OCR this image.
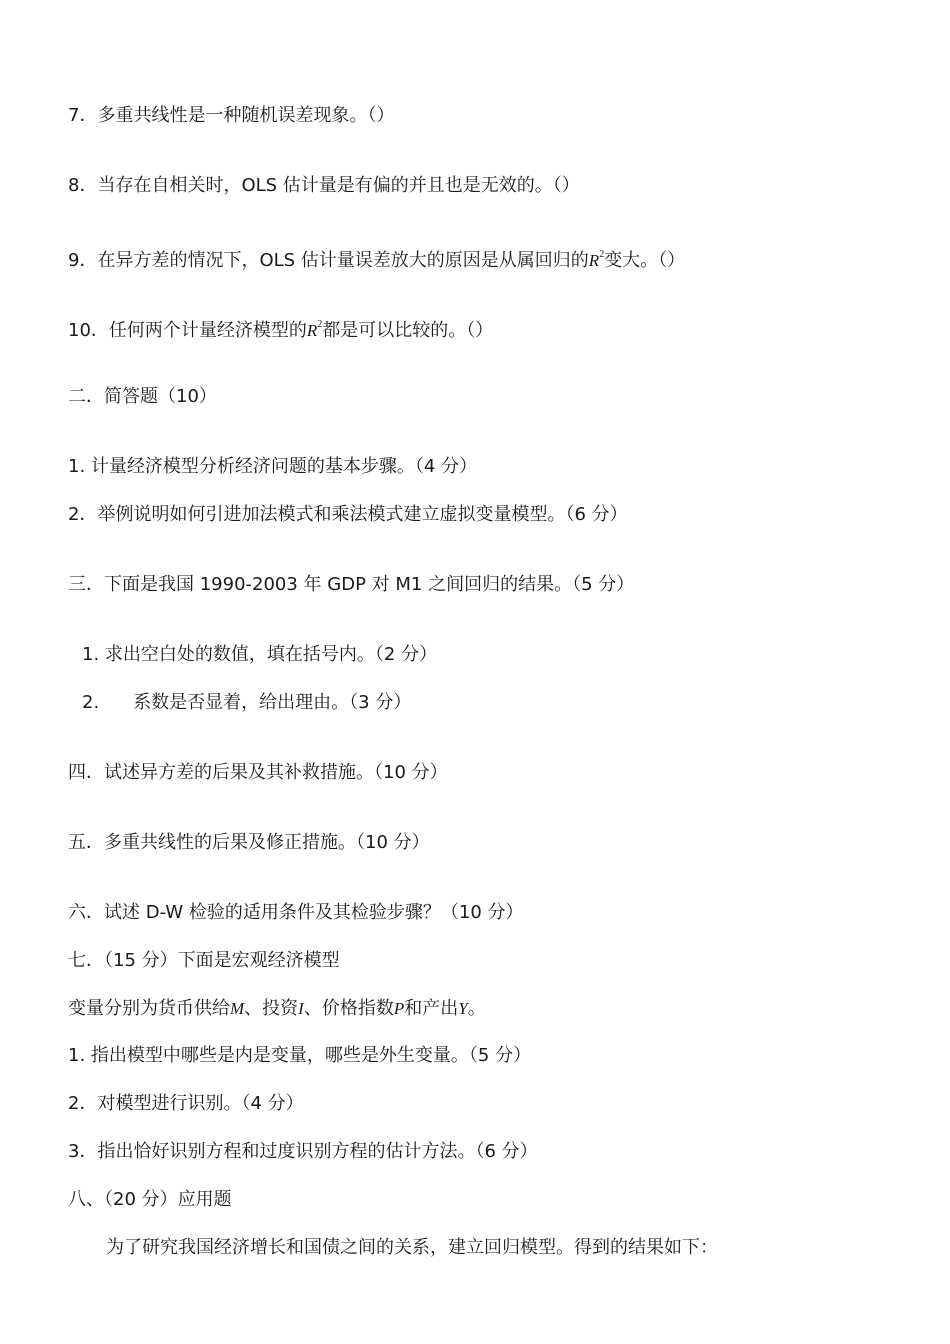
7．多重共线性是一种随机误差现象。（）
8．当存在自相关时，OLS 估计量是有偏的并且也是无效的。（）
9．在异方差的情况下，OLS 估计量误差放大的原因是从属回归的$R^2$变大。（）
10．任何两个计量经济模型的$R^2$都是可以比较的。（）
二．简答题（10）
1. 计量经济模型分析经济问题的基本步骤。（4 分）
2．举例说明如何引进加法模式和乘法模式建立虚拟变量模型。（6 分）
三．下面是我国 1990-2003 年 GDP 对 M1 之间回归的结果。（5 分）
1. 求出空白处的数值，填在括号内。（2 分）
2. 系数是否显着，给出理由。（3 分）
四．试述异方差的后果及其补救措施。（10 分）
五．多重共线性的后果及修正措施。（10 分）
六．试述 D-W 检验的适用条件及其检验步骤？（10 分）
七．（15 分）下面是宏观经济模型
变量分别为货币供给M、投资I、价格指数P和产出Y。
1. 指出模型中哪些是内是变量，哪些是外生变量。（5 分）
2．对模型进行识别。（4 分）
3．指出恰好识别方程和过度识别方程的估计方法。（6 分）
八、（20 分）应用题
为了研究我国经济增长和国债之间的关系，建立回归模型。得到的结果如下：
